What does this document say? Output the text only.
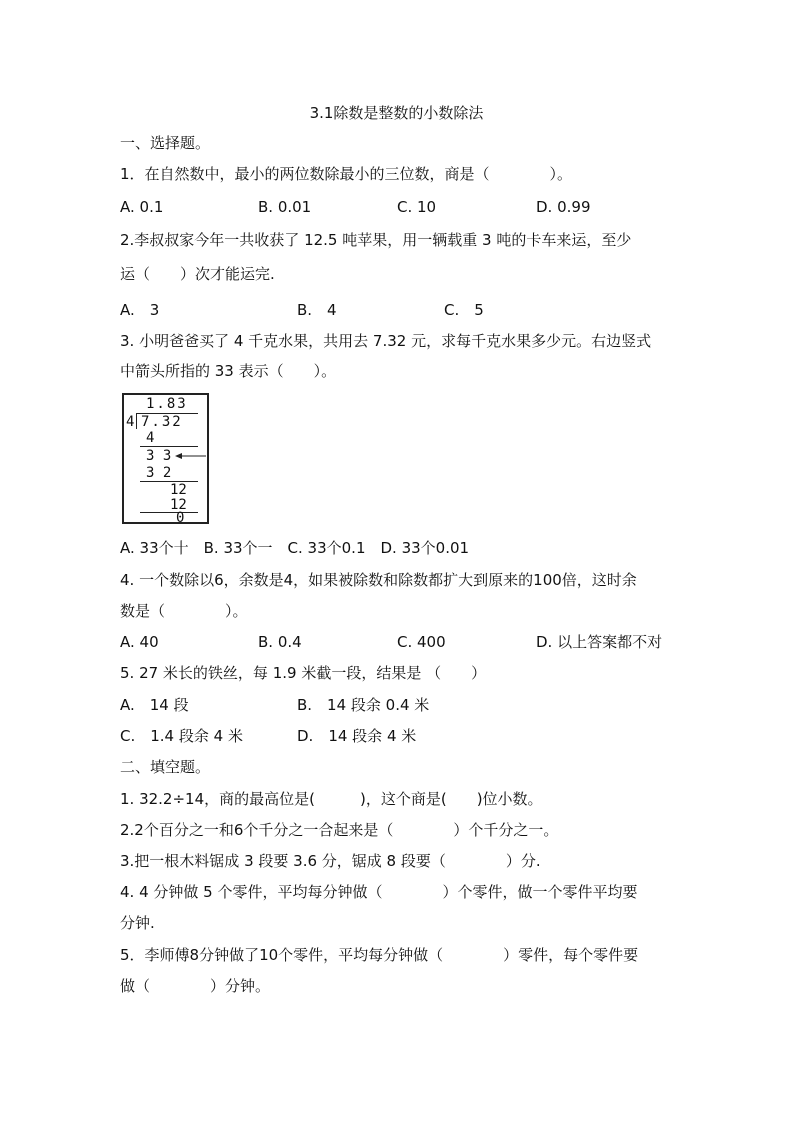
3.1除数是整数的小数除法
一、选择题。
1．在自然数中，最小的两位数除最小的三位数，商是（　　　　）。
A. 0.1	B. 0.01	C. 10	D. 0.99
2.李叔叔家今年一共收获了 12.5 吨苹果，用一辆载重 3 吨的卡车来运，至少
运（　　）次才能运完.
A.　3	B.　4	C.　5
3. 小明爸爸买了 4 千克水果，共用去 7.32 元，求每千克水果多少元。右边竖式
中箭头所指的 33 表示（　　）。
1.83
4 7.32
4
3 3
3 2
12
12
0
A. 33个十　B. 33个一　C. 33个0.1　D. 33个0.01
4. 一个数除以6，余数是4，如果被除数和除数都扩大到原来的100倍，这时余
数是（　　　　）。
A. 40	B. 0.4	C. 400	D. 以上答案都不对
5. 27 米长的铁丝，每 1.9 米截一段，结果是 （　　）
A.　14 段	B.　14 段余 0.4 米
C.　1.4 段余 4 米	D.　14 段余 4 米
二、填空题。
1. 32.2÷14，商的最高位是(　　　)，这个商是(　　)位小数。
2.2个百分之一和6个千分之一合起来是（　　　　）个千分之一。
3.把一根木料锯成 3 段要 3.6 分，锯成 8 段要（　　　　）分.
4. 4 分钟做 5 个零件，平均每分钟做（　　　　）个零件，做一个零件平均要
分钟.
5．李师傅8分钟做了10个零件，平均每分钟做（　　　　）零件，每个零件要
做（　　　　）分钟。
